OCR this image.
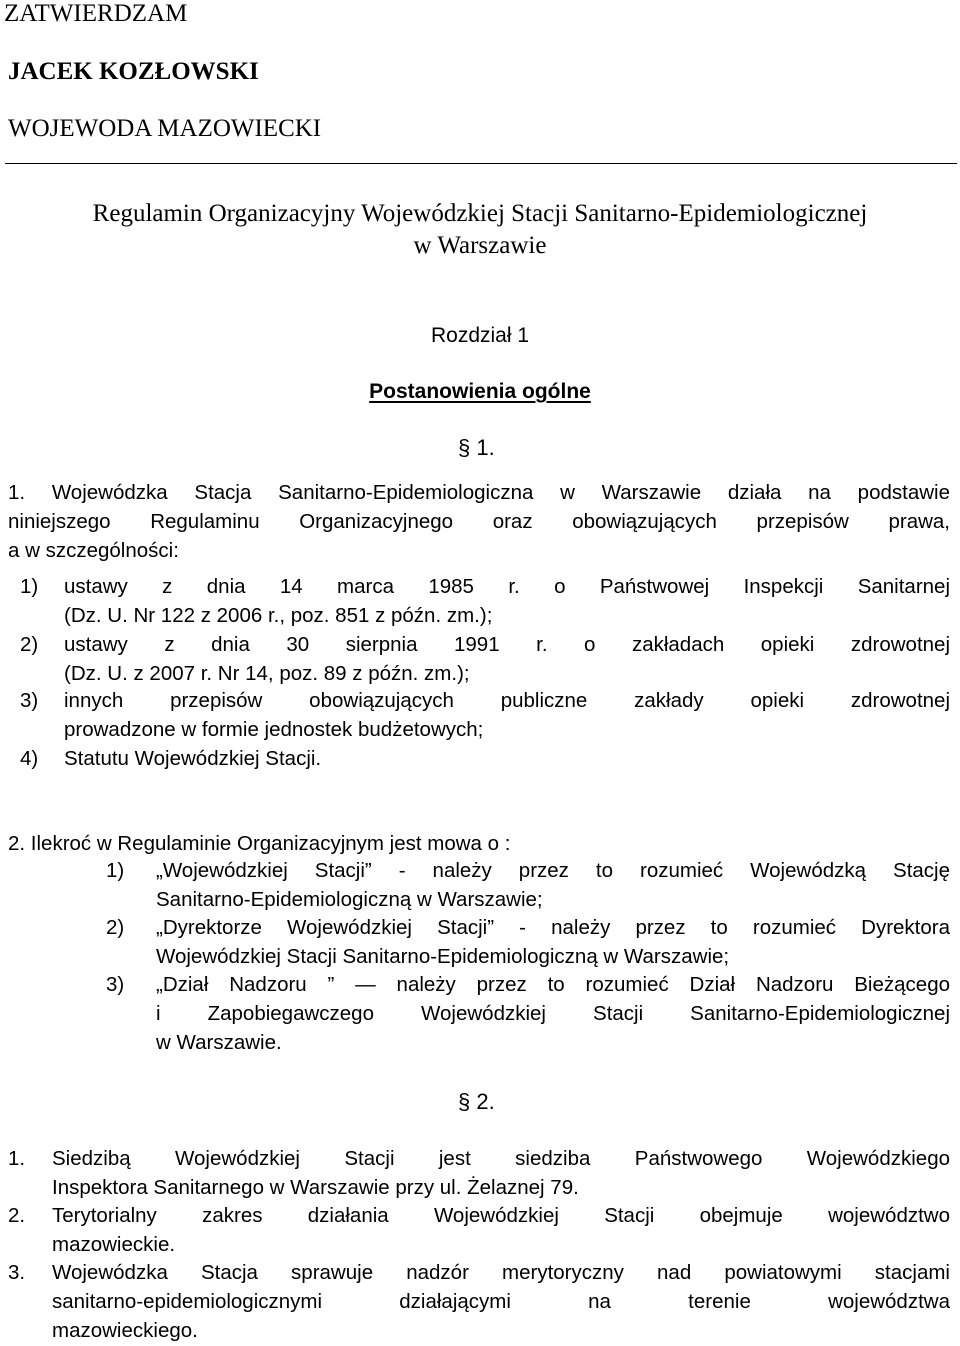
ZATWIERDZAM
JACEK KOZŁOWSKI
WOJEWODA MAZOWIECKI
Regulamin Organizacyjny Wojewódzkiej Stacji Sanitarno-Epidemiologicznej
w Warszawie
Rozdział 1
Postanowienia ogólne
§ 1.
1. Wojewódzka Stacja Sanitarno-Epidemiologiczna w Warszawie działa na podstawie
niniejszego Regulaminu Organizacyjnego oraz obowiązujących przepisów prawa,
a w szczególności:
1) ustawy z dnia 14 marca 1985 r. o Państwowej Inspekcji Sanitarnej
(Dz. U. Nr 122 z 2006 r., poz. 851 z późn. zm.);
2) ustawy z dnia 30 sierpnia 1991 r. o zakładach opieki zdrowotnej
(Dz. U. z 2007 r. Nr 14, poz. 89 z późn. zm.);
3) innych przepisów obowiązujących publiczne zakłady opieki zdrowotnej
prowadzone w formie jednostek budżetowych;
4) Statutu Wojewódzkiej Stacji.
2. Ilekroć w Regulaminie Organizacyjnym jest mowa o :
1) „Wojewódzkiej Stacji” - należy przez to rozumieć Wojewódzką Stację
Sanitarno-Epidemiologiczną w Warszawie;
2) „Dyrektorze Wojewódzkiej Stacji” - należy przez to rozumieć Dyrektora
Wojewódzkiej Stacji Sanitarno-Epidemiologiczną w Warszawie;
3) „Dział Nadzoru ” — należy przez to rozumieć Dział Nadzoru Bieżącego
i Zapobiegawczego Wojewódzkiej Stacji Sanitarno-Epidemiologicznej
w Warszawie.
§ 2.
1. Siedzibą Wojewódzkiej Stacji jest siedziba Państwowego Wojewódzkiego
Inspektora Sanitarnego w Warszawie przy ul. Żelaznej 79.
2. Terytorialny zakres działania Wojewódzkiej Stacji obejmuje województwo
mazowieckie.
3. Wojewódzka Stacja sprawuje nadzór merytoryczny nad powiatowymi stacjami
sanitarno-epidemiologicznymi działającymi na terenie województwa
mazowieckiego.
